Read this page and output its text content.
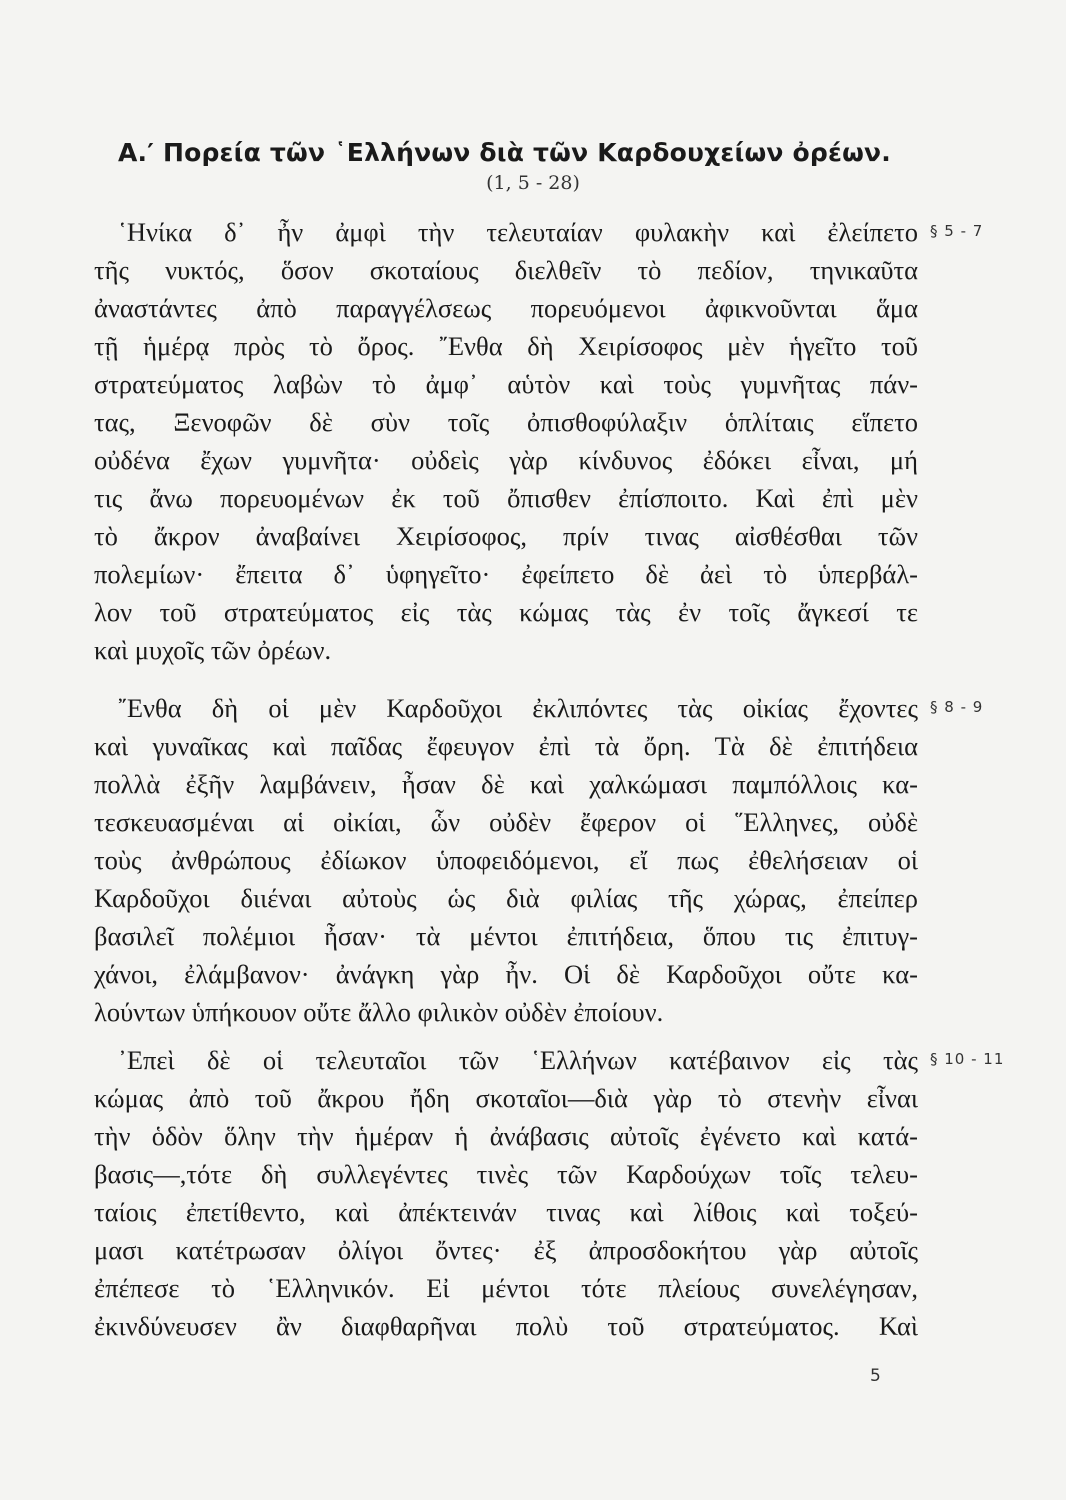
Α.′ Πορεία τῶν ῾Ελλήνων διὰ τῶν Καρδουχείων ὀρέων.
(1, 5 - 28)
῾Ηνίκα δ᾿ ἦν ἀμφὶ τὴν τελευταίαν φυλακὴν καὶ ἐλείπετο § 5 - 7
τῆς νυκτός, ὅσον σκοταίους διελθεῖν τὸ πεδίον, τηνικαῦτα
ἀναστάντες ἀπὸ παραγγέλσεως πορευόμενοι ἀφικνοῦνται ἅμα
τῇ ἡμέρᾳ πρὸς τὸ ὄρος. ῎Ενθα δὴ Χειρίσοφος μὲν ἡγεῖτο τοῦ
στρατεύματος λαβὼν τὸ ἀμφ᾿ αὑτὸν καὶ τοὺς γυμνῆτας πάν-
τας, Ξενοφῶν δὲ σὺν τοῖς ὀπισθοφύλαξιν ὁπλίταις εἵπετο
οὐδένα ἔχων γυμνῆτα· οὐδεὶς γὰρ κίνδυνος ἐδόκει εἶναι, μή
τις ἄνω πορευομένων ἐκ τοῦ ὄπισθεν ἐπίσποιτο. Καὶ ἐπὶ μὲν
τὸ ἄκρον ἀναβαίνει Χειρίσοφος, πρίν τινας αἰσθέσθαι τῶν
πολεμίων· ἔπειτα δ᾿ ὑφηγεῖτο· ἐφείπετο δὲ ἀεὶ τὸ ὑπερβάλ-
λον τοῦ στρατεύματος εἰς τὰς κώμας τὰς ἐν τοῖς ἄγκεσί τε
καὶ μυχοῖς τῶν ὀρέων.
῎Ενθα δὴ οἱ μὲν Καρδοῦχοι ἐκλιπόντες τὰς οἰκίας ἔχοντες § 8 - 9
καὶ γυναῖκας καὶ παῖδας ἔφευγον ἐπὶ τὰ ὄρη. Τὰ δὲ ἐπιτήδεια
πολλὰ ἐξῆν λαμβάνειν, ἦσαν δὲ καὶ χαλκώμασι παμπόλλοις κα-
τεσκευασμέναι αἱ οἰκίαι, ὧν οὐδὲν ἔφερον οἱ ῞Ελληνες, οὐδὲ
τοὺς ἀνθρώπους ἐδίωκον ὑποφειδόμενοι, εἴ πως ἐθελήσειαν οἱ
Καρδοῦχοι διιέναι αὐτοὺς ὡς διὰ φιλίας τῆς χώρας, ἐπείπερ
βασιλεῖ πολέμιοι ἦσαν· τὰ μέντοι ἐπιτήδεια, ὅπου τις ἐπιτυγ-
χάνοι, ἐλάμβανον· ἀνάγκη γὰρ ἦν. Οἱ δὲ Καρδοῦχοι οὔτε κα-
λούντων ὑπήκουον οὔτε ἄλλο φιλικὸν οὐδὲν ἐποίουν.
᾿Επεὶ δὲ οἱ τελευταῖοι τῶν ῾Ελλήνων κατέβαινον εἰς τὰς § 10 - 11
κώμας ἀπὸ τοῦ ἄκρου ἤδη σκοταῖοι—διὰ γὰρ τὸ στενὴν εἶναι
τὴν ὁδὸν ὅλην τὴν ἡμέραν ἡ ἀνάβασις αὐτοῖς ἐγένετο καὶ κατά-
βασις—,τότε δὴ συλλεγέντες τινὲς τῶν Καρδούχων τοῖς τελευ-
ταίοις ἐπετίθεντο, καὶ ἀπέκτεινάν τινας καὶ λίθοις καὶ τοξεύ-
μασι κατέτρωσαν ὀλίγοι ὄντες· ἐξ ἀπροσδοκήτου γὰρ αὐτοῖς
ἐπέπεσε τὸ ῾Ελληνικόν. Εἰ μέντοι τότε πλείους συνελέγησαν,
ἐκινδύνευσεν ἂν διαφθαρῆναι πολὺ τοῦ στρατεύματος. Καὶ
5
